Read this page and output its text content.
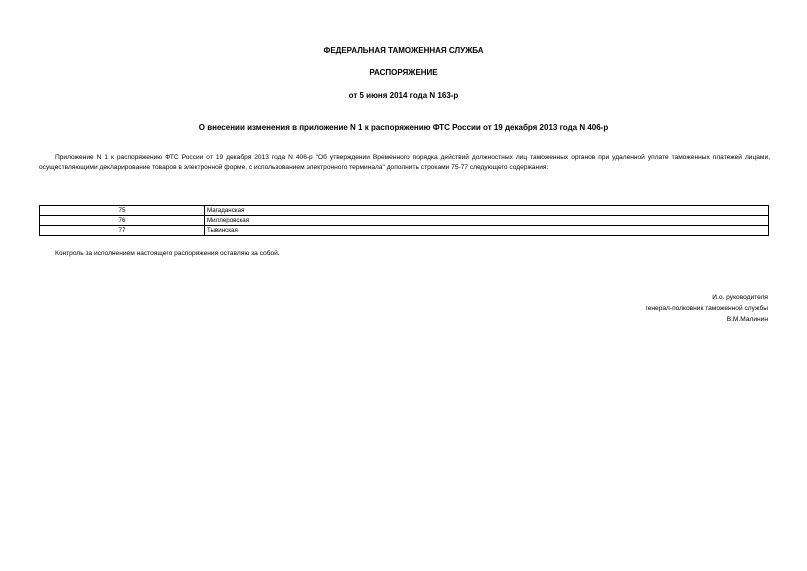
ФЕДЕРАЛЬНАЯ ТАМОЖЕННАЯ СЛУЖБА
РАСПОРЯЖЕНИЕ
от 5 июня 2014 года N 163-р
О внесении изменения в приложение N 1 к распоряжению ФТС России от 19 декабря 2013 года N 406-р
Приложение N 1 к распоряжению ФТС России от 19 декабря 2013 года N 406-р "Об утверждении Временного порядка действий должностных лиц таможенных органов при удаленной уплате таможенных платежей лицами, осуществляющими декларирование товаров в электронной форме, с использованием электронного терминала" дополнить строками 75-77 следующего содержания:
75	Магаданская
76	Миллеровская
77	Тывинская
Контроль за исполнением настоящего распоряжения оставляю за собой.
И.о. руководителя
генерал-полковник таможенной службы
В.М.Малинин
